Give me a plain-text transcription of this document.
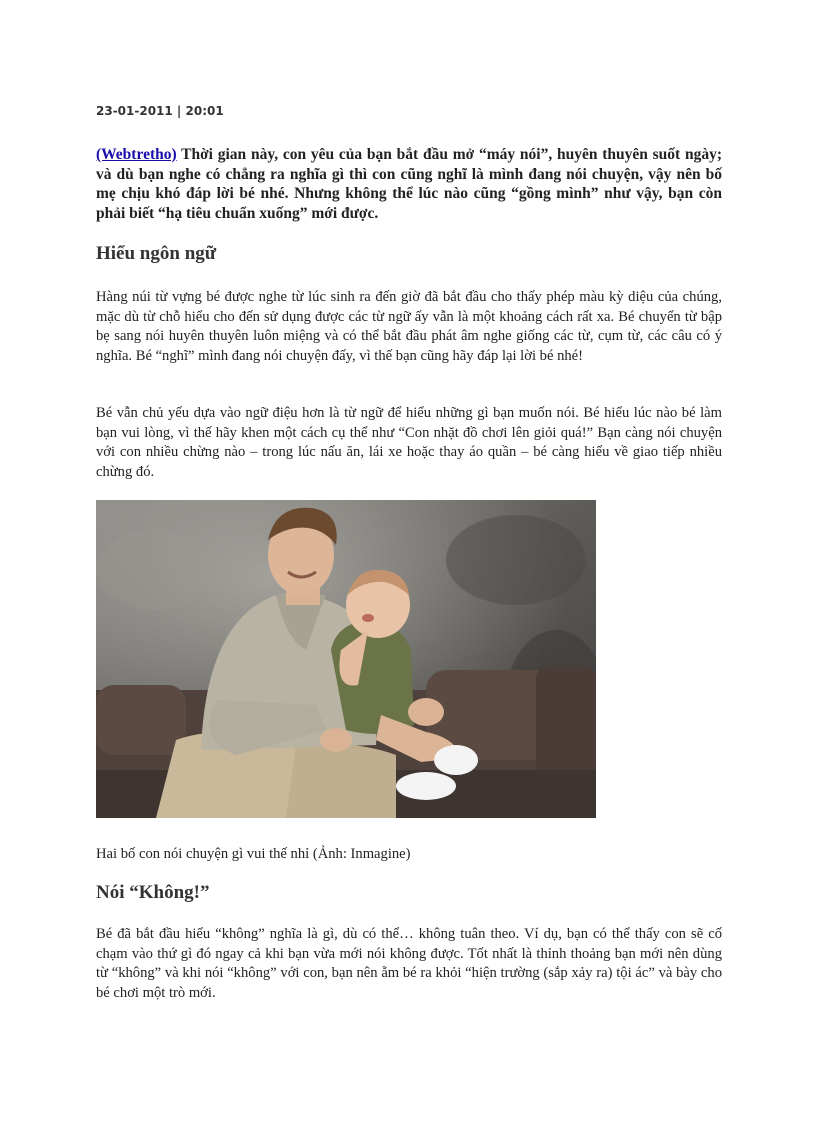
23-01-2011 | 20:01
(Webtretho) Thời gian này, con yêu của bạn bắt đầu mở “máy nói”, huyên thuyên suốt ngày; và dù bạn nghe có chẳng ra nghĩa gì thì con cũng nghĩ là mình đang nói chuyện, vậy nên bố mẹ chịu khó đáp lời bé nhé. Nhưng không thể lúc nào cũng “gồng mình” như vậy, bạn còn phải biết “hạ tiêu chuẩn xuống” mới được.
Hiểu ngôn ngữ

Hàng núi từ vựng bé được nghe từ lúc sinh ra đến giờ đã bắt đầu cho thấy phép màu kỳ diệu của chúng, mặc dù từ chỗ hiểu cho đến sử dụng được các từ ngữ ấy vẫn là một khoảng cách rất xa. Bé chuyển từ bập bẹ sang nói huyên thuyên luôn miệng và có thể bắt đầu phát âm nghe giống các từ, cụm từ, các câu có ý nghĩa. Bé “nghĩ” mình đang nói chuyện đấy, vì thế bạn cũng hãy đáp lại lời bé nhé!

Bé vẫn chủ yếu dựa vào ngữ điệu hơn là từ ngữ để hiểu những gì bạn muốn nói. Bé hiểu lúc nào bé làm bạn vui lòng, vì thế hãy khen một cách cụ thể như “Con nhặt đồ chơi lên giỏi quá!” Bạn càng nói chuyện với con nhiều chừng nào – trong lúc nấu ăn, lái xe hoặc thay áo quần – bé càng hiểu về giao tiếp nhiều chừng đó.

Hai bố con nói chuyện gì vui thế nhỉ (Ảnh: Inmagine)
Nói “Không!”

Bé đã bắt đầu hiểu “không” nghĩa là gì, dù có thể… không tuân theo. Ví dụ, bạn có thể thấy con sẽ cố chạm vào thứ gì đó ngay cả khi bạn vừa mới nói không được. Tốt nhất là thỉnh thoảng bạn mới nên dùng từ “không” và khi nói “không” với con, bạn nên ẵm bé ra khỏi “hiện trường (sắp xảy ra) tội ác” và bày cho bé chơi một trò mới.
